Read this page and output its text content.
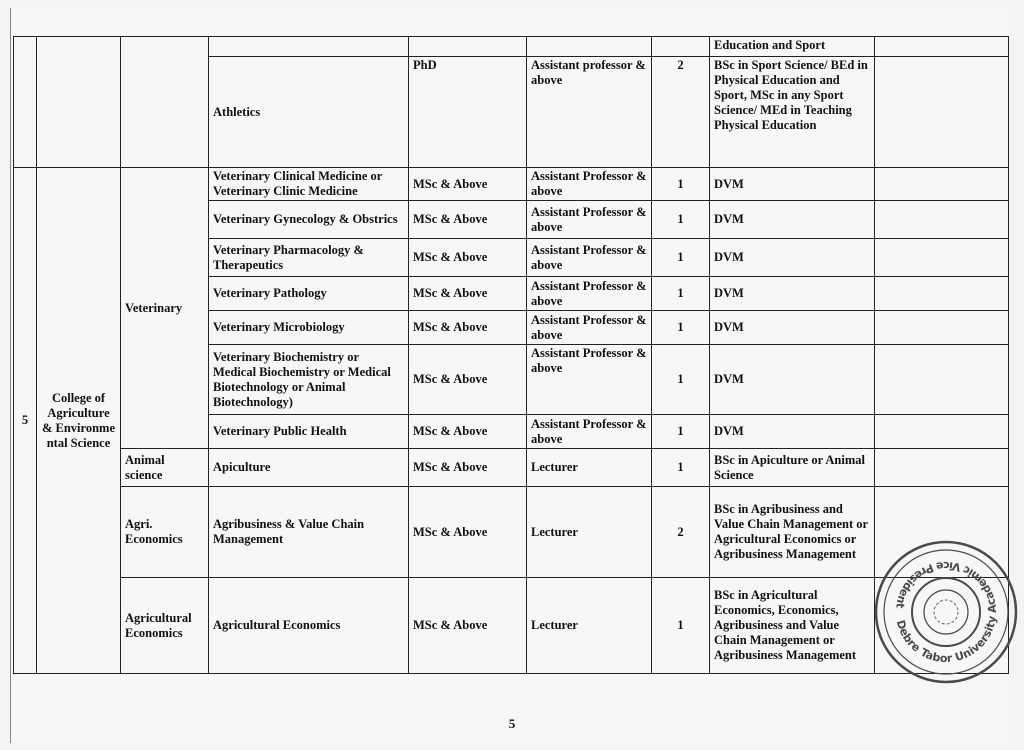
							Education and Sport	
			Athletics	PhD	Assistant professor & above	2	BSc in Sport Science/ BEd in Physical Education and Sport, MSc in any Sport Science/ MEd in Teaching Physical Education	
5	College of Agriculture & Environme ntal Science	Veterinary	Veterinary Clinical Medicine or Veterinary Clinic Medicine	MSc & Above	Assistant Professor & above	1	DVM	
			Veterinary Gynecology & Obstrics	MSc & Above	Assistant Professor & above	1	DVM	
			Veterinary Pharmacology & Therapeutics	MSc & Above	Assistant Professor & above	1	DVM	
			Veterinary Pathology	MSc & Above	Assistant Professor & above	1	DVM	
			Veterinary Microbiology	MSc & Above	Assistant Professor & above	1	DVM	
			Veterinary Biochemistry or Medical Biochemistry or Medical Biotechnology or Animal Biotechnology)	MSc & Above	Assistant Professor & above	1	DVM	
			Veterinary Public Health	MSc & Above	Assistant Professor & above	1	DVM	
		Animal science	Apiculture	MSc & Above	Lecturer	1	BSc in Apiculture or Animal Science	
		Agri. Economics	Agribusiness & Value Chain Management	MSc & Above	Lecturer	2	BSc in Agribusiness and Value Chain Management or Agricultural Economics or Agribusiness Management	
		Agricultural Economics	Agricultural Economics	MSc & Above	Lecturer	1	BSc in Agricultural Economics, Economics, Agribusiness and Value Chain Management or Agribusiness Management	
Debre Tabor University Academic Vice President
5
